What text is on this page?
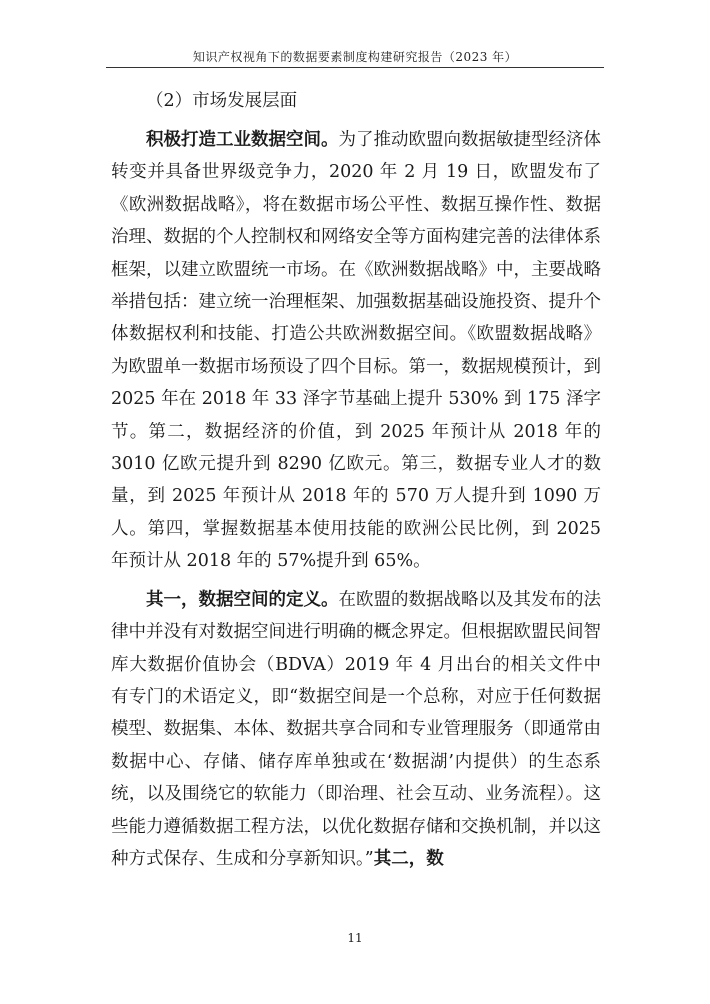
知识产权视角下的数据要素制度构建研究报告（2023 年）

（2）市场发展层面

积极打造工业数据空间。为了推动欧盟向数据敏捷型经济体转变并具备世界级竞争力，2020 年 2 月 19 日，欧盟发布了《欧洲数据战略》，将在数据市场公平性、数据互操作性、数据治理、数据的个人控制权和网络安全等方面构建完善的法律体系框架，以建立欧盟统一市场。在《欧洲数据战略》中，主要战略举措包括：建立统一治理框架、加强数据基础设施投资、提升个体数据权利和技能、打造公共欧洲数据空间。《欧盟数据战略》为欧盟单一数据市场预设了四个目标。第一，数据规模预计，到 2025 年在 2018 年 33 泽字节基础上提升 530% 到 175 泽字节。第二，数据经济的价值，到 2025 年预计从 2018 年的 3010 亿欧元提升到 8290 亿欧元。第三，数据专业人才的数量，到 2025 年预计从 2018 年的 570 万人提升到 1090 万人。第四，掌握数据基本使用技能的欧洲公民比例，到 2025 年预计从 2018 年的 57%提升到 65%。

其一，数据空间的定义。在欧盟的数据战略以及其发布的法律中并没有对数据空间进行明确的概念界定。但根据欧盟民间智库大数据价值协会（BDVA）2019 年 4 月出台的相关文件中有专门的术语定义，即“数据空间是一个总称，对应于任何数据模型、数据集、本体、数据共享合同和专业管理服务（即通常由数据中心、存储、储存库单独或在‘数据湖’内提供）的生态系统，以及围绕它的软能力（即治理、社会互动、业务流程）。这些能力遵循数据工程方法，以优化数据存储和交换机制，并以这种方式保存、生成和分享新知识。”其二，数

11
